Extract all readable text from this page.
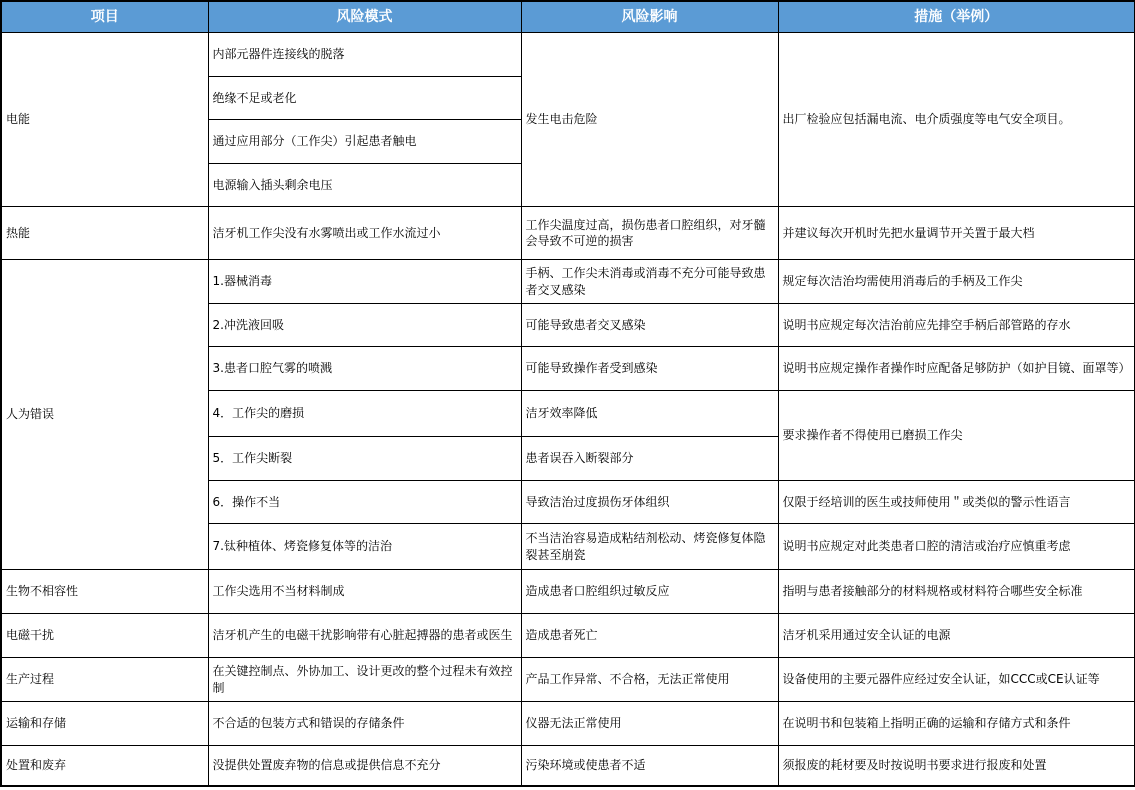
项目	风险模式	风险影响	措施（举例）
电能	内部元器件连接线的脱落	发生电击危险	出厂检验应包括漏电流、电介质强度等电气安全项目。
	绝缘不足或老化		
	通过应用部分（工作尖）引起患者触电		
	电源输入插头剩余电压		
热能	洁牙机工作尖没有水雾喷出或工作水流过小	工作尖温度过高，损伤患者口腔组织，对牙髓会导致不可逆的损害	并建议每次开机时先把水量调节开关置于最大档
人为错误	1.器械消毒	手柄、工作尖未消毒或消毒不充分可能导致患者交叉感染	规定每次洁治均需使用消毒后的手柄及工作尖
	2.冲洗液回吸	可能导致患者交叉感染	说明书应规定每次洁治前应先排空手柄后部管路的存水
	3.患者口腔气雾的喷溅	可能导致操作者受到感染	说明书应规定操作者操作时应配备足够防护（如护目镜、面罩等）
	4．工作尖的磨损	洁牙效率降低	要求操作者不得使用已磨损工作尖
	5．工作尖断裂	患者误吞入断裂部分	
	6．操作不当	导致洁治过度损伤牙体组织	仅限于经培训的医生或技师使用＂或类似的警示性语言
	7.钛种植体、烤瓷修复体等的洁治	不当洁治容易造成粘结剂松动、烤瓷修复体隐裂甚至崩瓷	说明书应规定对此类患者口腔的清洁或治疗应慎重考虑
生物不相容性	工作尖选用不当材料制成	造成患者口腔组织过敏反应	指明与患者接触部分的材料规格或材料符合哪些安全标准
电磁干扰	洁牙机产生的电磁干扰影响带有心脏起搏器的患者或医生	造成患者死亡	洁牙机采用通过安全认证的电源
生产过程	在关键控制点、外协加工、设计更改的整个过程未有效控制	产品工作异常、不合格，无法正常使用	设备使用的主要元器件应经过安全认证，如CCC或CE认证等
运输和存储	不合适的包装方式和错误的存储条件	仪器无法正常使用	在说明书和包装箱上指明正确的运输和存储方式和条件
处置和废弃	没提供处置废弃物的信息或提供信息不充分	污染环境或使患者不适	须报废的耗材要及时按说明书要求进行报废和处置
